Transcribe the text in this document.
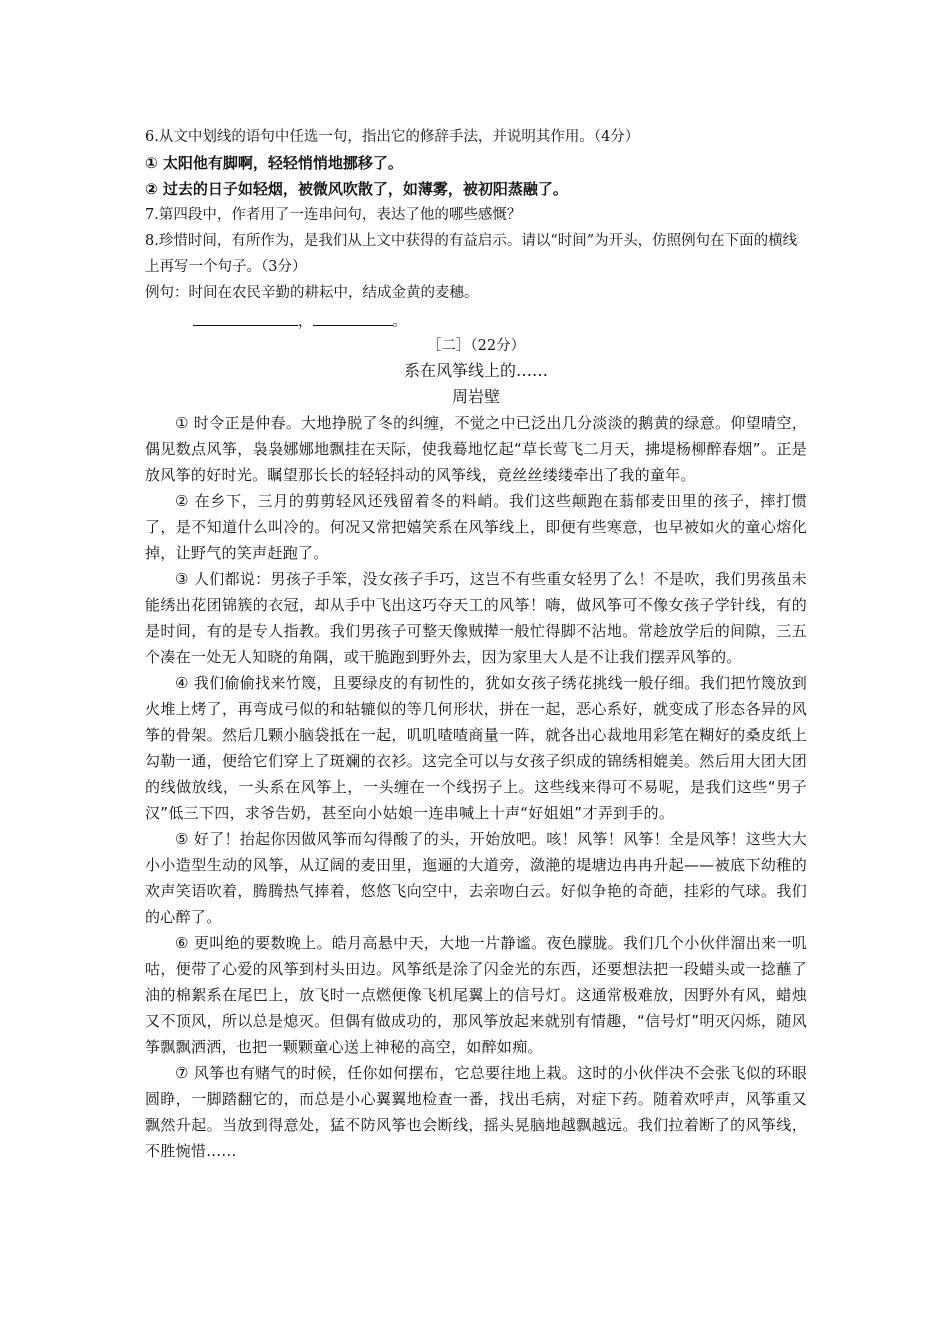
6.从文中划线的语句中任选一句，指出它的修辞手法，并说明其作用。（4分）

① 太阳他有脚啊，轻轻悄悄地挪移了。

② 过去的日子如轻烟，被微风吹散了，如薄雾，被初阳蒸融了。

7.第四段中，作者用了一连串问句，表达了他的哪些感慨？

8.珍惜时间，有所作为，是我们从上文中获得的有益启示。请以“时间”为开头，仿照例句在下面的横线上再写一个句子。（3分）

例句：时间在农民辛勤的耕耘中，结成金黄的麦穗。

，	。

［二］（22分）

系在风筝线上的……

周岩壁

① 时令正是仲春。大地挣脱了冬的纠缠，不觉之中已泛出几分淡淡的鹅黄的绿意。仰望晴空，偶见数点风筝，袅袅娜娜地飘挂在天际，使我蓦地忆起“草长莺飞二月天，拂堤杨柳醉春烟”。正是放风筝的好时光。瞩望那长长的轻轻抖动的风筝线，竟丝丝缕缕牵出了我的童年。

② 在乡下，三月的剪剪轻风还残留着冬的料峭。我们这些颠跑在蓊郁麦田里的孩子，摔打惯了，是不知道什么叫冷的。何况又常把嬉笑系在风筝线上，即便有些寒意，也早被如火的童心熔化掉，让野气的笑声赶跑了。

③ 人们都说：男孩子手笨，没女孩子手巧，这岂不有些重女轻男了么！不是吹，我们男孩虽未能绣出花团锦簇的衣冠，却从手中飞出这巧夺天工的风筝！嗨，做风筝可不像女孩子学针线，有的是时间，有的是专人指教。我们男孩子可整天像贼撵一般忙得脚不沾地。常趁放学后的间隙，三五个凑在一处无人知晓的角隅，或干脆跑到野外去，因为家里大人是不让我们摆弄风筝的。

④ 我们偷偷找来竹篾，且要绿皮的有韧性的，犹如女孩子绣花挑线一般仔细。我们把竹篾放到火堆上烤了，再弯成弓似的和轱辘似的等几何形状，拼在一起，恶心系好，就变成了形态各异的风筝的骨架。然后几颗小脑袋抵在一起，叽叽喳喳商量一阵，就各出心裁地用彩笔在糊好的桑皮纸上勾勒一通，便给它们穿上了斑斓的衣衫。这完全可以与女孩子织成的锦绣相媲美。然后用大团大团的线做放线，一头系在风筝上，一头缠在一个线拐子上。这些线来得可不易呢，是我们这些“男子汉”低三下四，求爷告奶，甚至向小姑娘一连串喊上十声“好姐姐”才弄到手的。

⑤ 好了！抬起你因做风筝而勾得酸了的头，开始放吧。咳！风筝！风筝！全是风筝！这些大大小小造型生动的风筝，从辽阔的麦田里，迤逦的大道旁，潋滟的堤塘边冉冉升起——被底下幼稚的欢声笑语吹着，腾腾热气捧着，悠悠飞向空中，去亲吻白云。好似争艳的奇葩，挂彩的气球。我们的心醉了。

⑥ 更叫绝的要数晚上。皓月高悬中天，大地一片静谧。夜色朦胧。我们几个小伙伴溜出来一叽咕，便带了心爱的风筝到村头田边。风筝纸是涂了闪金光的东西，还要想法把一段蜡头或一捻蘸了油的棉絮系在尾巴上，放飞时一点燃便像飞机尾翼上的信号灯。这通常极难放，因野外有风，蜡烛又不顶风，所以总是熄灭。但偶有做成功的，那风筝放起来就别有情趣，“信号灯”明灭闪烁，随风筝飘飘洒洒，也把一颗颗童心送上神秘的高空，如醉如痴。

⑦ 风筝也有赌气的时候，任你如何摆布，它总要往地上栽。这时的小伙伴决不会张飞似的环眼圆睁，一脚踏翻它的，而总是小心翼翼地检查一番，找出毛病，对症下药。随着欢呼声，风筝重又飘然升起。当放到得意处，猛不防风筝也会断线，摇头晃脑地越飘越远。我们拉着断了的风筝线，不胜惋惜......
